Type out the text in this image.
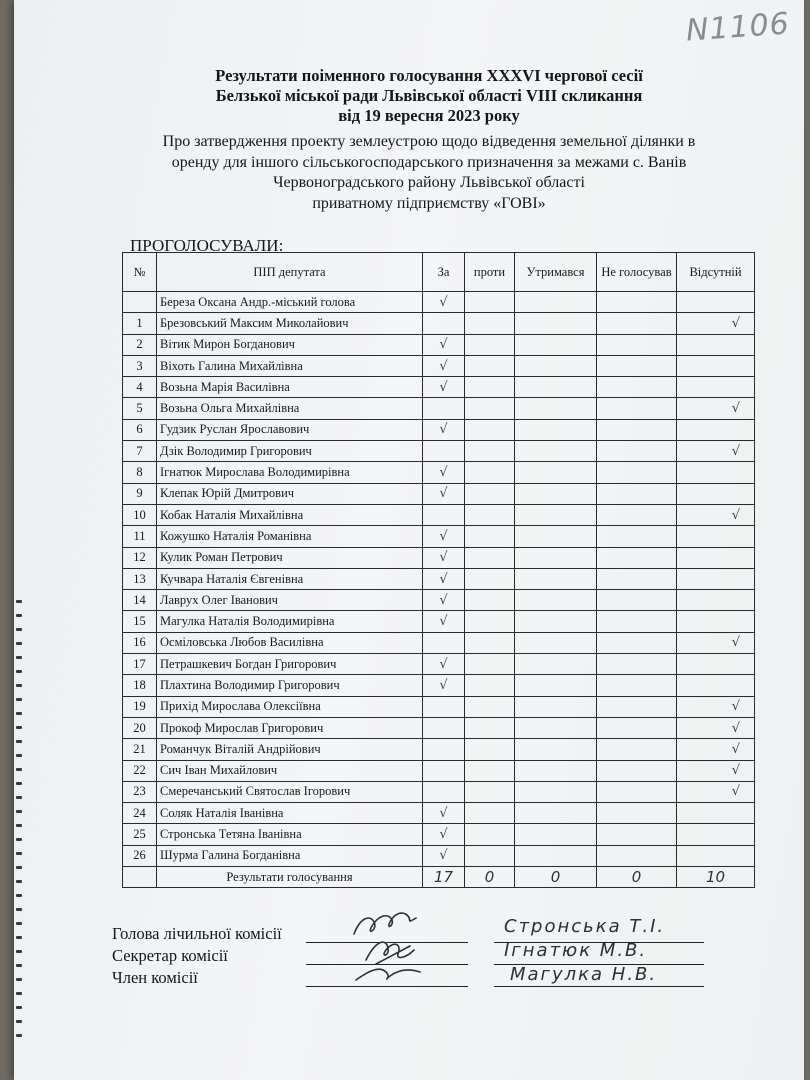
N1106
Результати поіменного голосування XXXVI чергової сесії
Белзької міської ради Львівської області VIII скликання
від 19 вересня 2023 року
Про затвердження проекту землеустрою щодо відведення земельної ділянки в
оренду для іншого сільськогосподарського призначення за межами с. Ванів
Червоноградського району Львівської області
приватному підприємству «ГОВІ»
ПРОГОЛОСУВАЛИ:
№	ПІП депутата	За	проти	Утримався	Не голосував	Відсутній
	Береза Оксана Андр.-міський голова	√				
1	Брезовський Максим Миколайович					√
2	Вітик Мирон Богданович	√				
3	Віхоть Галина Михайлівна	√				
4	Возьна Марія Василівна	√				
5	Возьна Ольга Михайлівна					√
6	Гудзик Руслан Ярославович	√				
7	Дзік Володимир Григорович					√
8	Ігнатюк Мирослава Володимирівна	√				
9	Клепак Юрій Дмитрович	√				
10	Кобак Наталія Михайлівна					√
11	Кожушко Наталія Романівна	√				
12	Кулик Роман Петрович	√				
13	Кучвара Наталія Євгенівна	√				
14	Лаврух Олег Іванович	√				
15	Магулка Наталія Володимирівна	√				
16	Осміловська Любов Василівна					√
17	Петрашкевич Богдан Григорович	√				
18	Плахтина Володимир Григорович	√				
19	Прихід Мирослава Олексіївна					√
20	Прокоф Мирослав Григорович					√
21	Романчук Віталій Андрійович					√
22	Сич Іван Михайлович					√
23	Смеречанський Святослав Ігорович					√
24	Соляк Наталія Іванівна	√				
25	Стронська Тетяна Іванівна	√				
26	Шурма Галина Богданівна	√				
	Результати голосування	17	0	0	0	10
Голова лічильної комісії
Секретар комісії
Член комісії
Стронська Т.І.
Ігнатюк М.В.
Магулка Н.В.
